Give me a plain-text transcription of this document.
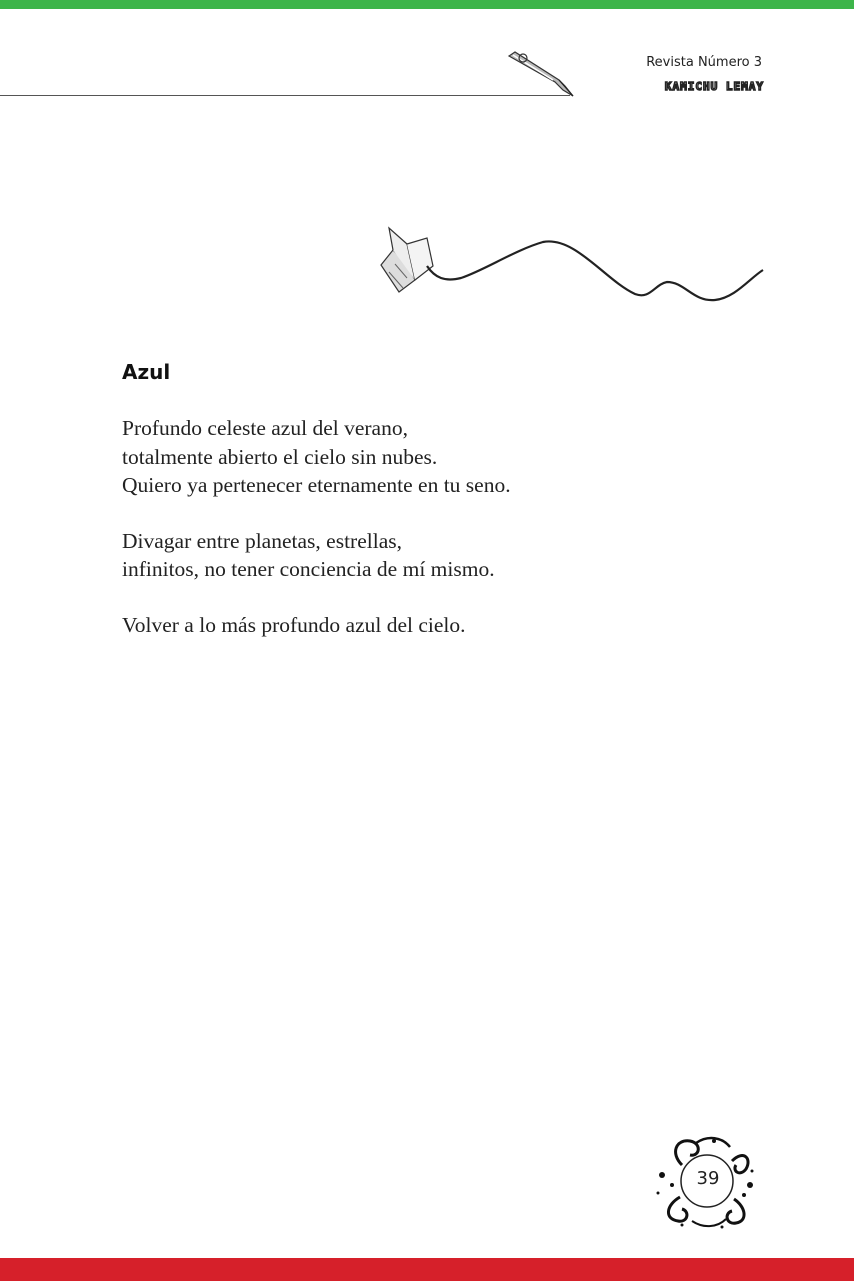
Revista Número 3
KAMICHU LEMAY
Azul
Profundo celeste azul del verano,
totalmente abierto el cielo sin nubes.
Quiero ya pertenecer eternamente en tu seno.
Divagar entre planetas, estrellas,
infinitos, no tener conciencia de mí mismo.
Volver a lo más profundo azul del cielo.
39
